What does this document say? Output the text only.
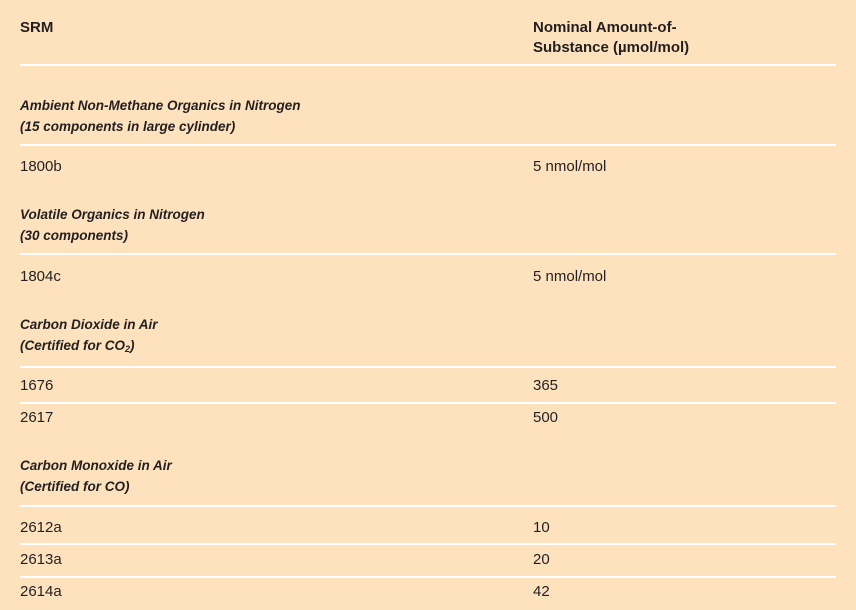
SRM	Nominal Amount-of-
Substance (µmol/mol)
Ambient Non-Methane Organics in Nitrogen
(15 components in large cylinder)
1800b	5 nmol/mol
Volatile Organics in Nitrogen
(30 components)
1804c	5 nmol/mol
Carbon Dioxide in Air
(Certified for $CO_2$)
1676	365
2617	500
Carbon Monoxide in Air
(Certified for CO)
2612a	10
2613a	20
2614a	42
